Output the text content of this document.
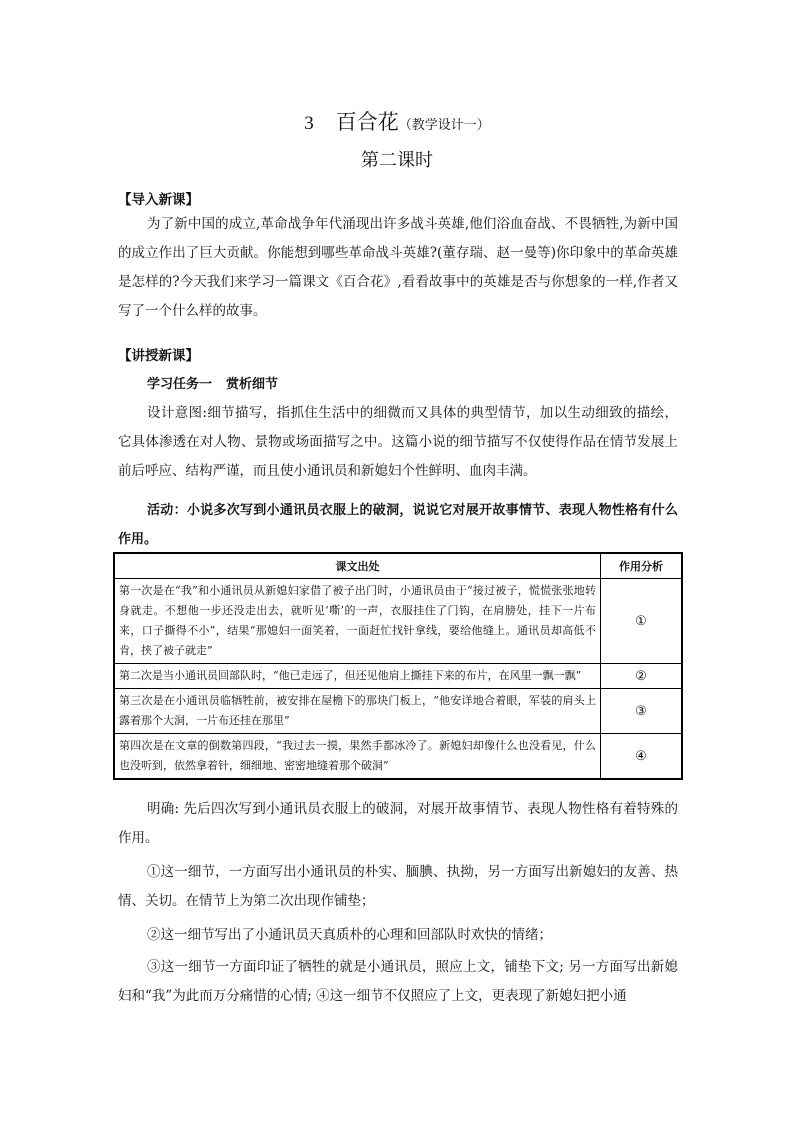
3 百合花（教学设计一）
第二课时
【导入新课】
为了新中国的成立,革命战争年代涌现出许多战斗英雄,他们浴血奋战、不畏牺牲,为新中国的成立作出了巨大贡献。你能想到哪些革命战斗英雄?(董存瑞、赵一曼等)你印象中的革命英雄是怎样的?今天我们来学习一篇课文《百合花》,看看故事中的英雄是否与你想象的一样,作者又写了一个什么样的故事。
【讲授新课】
学习任务一 赏析细节
设计意图:细节描写，指抓住生活中的细微而又具体的典型情节，加以生动细致的描绘，它具体渗透在对人物、景物或场面描写之中。这篇小说的细节描写不仅使得作品在情节发展上前后呼应、结构严谨，而且使小通讯员和新媳妇个性鲜明、血肉丰满。
活动：小说多次写到小通讯员衣服上的破洞，说说它对展开故事情节、表现人物性格有什么作用。
课文出处	作用分析
第一次是在“我”和小通讯员从新媳妇家借了被子出门时，小通讯员由于“接过被子，慌慌张张地转身就走。不想他一步还没走出去，就听见‘嘶’的一声，衣服挂住了门钩，在肩膀处，挂下一片布来，口子撕得不小”，结果“那媳妇一面笑着，一面赶忙找针拿线，要给他缝上。通讯员却高低不肯，挟了被子就走”	①
第二次是当小通讯员回部队时，“他已走远了，但还见他肩上撕挂下来的布片，在风里一飘一飘”	②
第三次是在小通讯员临牺牲前，被安排在屋檐下的那块门板上，“他安详地合着眼，军装的肩头上露着那个大洞，一片布还挂在那里”	③
第四次是在文章的倒数第四段，“我过去一摸，果然手都冰冷了。新媳妇却像什么也没看见，什么也没听到，依然拿着针，细细地、密密地缝着那个破洞”	④
明确: 先后四次写到小通讯员衣服上的破洞，对展开故事情节、表现人物性格有着特殊的作用。
①这一细节，一方面写出小通讯员的朴实、腼腆、执拗，另一方面写出新媳妇的友善、热情、关切。在情节上为第二次出现作铺垫；
②这一细节写出了小通讯员天真质朴的心理和回部队时欢快的情绪；
③这一细节一方面印证了牺牲的就是小通讯员，照应上文，铺垫下文; 另一方面写出新媳妇和“我”为此而万分痛惜的心情; ④这一细节不仅照应了上文，更表现了新媳妇把小通
